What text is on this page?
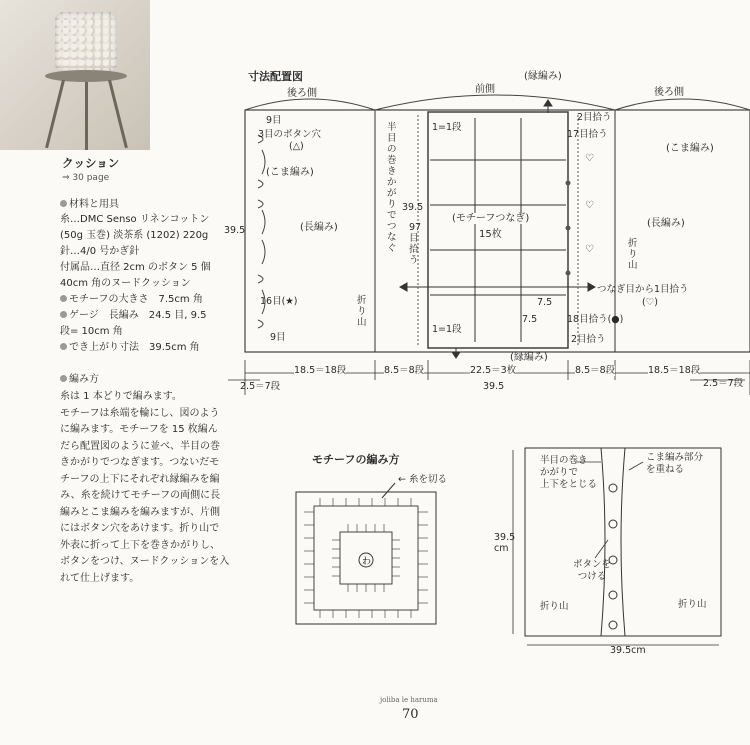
クッション
⇒ 30 page
材料と用具
糸…DMC Senso リネンコットン
(50g 玉巻) 淡茶系 (1202) 220g
針…4/0 号かぎ針
付属品…直径 2cm のボタン 5 個
40cm 角のヌードクッション
モチーフの大きさ　7.5cm 角
ゲージ　長編み　24.5 目, 9.5
段= 10cm 角
でき上がり寸法　39.5cm 角
編み方
糸は 1 本どりで編みます。
モチーフは糸端を輪にし、図のよう
に編みます。モチーフを 15 枚編ん
だら配置図のように並べ、半目の巻
きかがりでつなぎます。つないだモ
チーフの上下にそれぞれ縁編みを編
み、糸を続けてモチーフの両側に長
編みとこま編みを編みますが、片側
にはボタン穴をあけます。折り山で
外表に折って上下を巻きかがりし、
ボタンをつけ、ヌードクッションを入
れて仕上げます。
寸法配置図
後ろ側	前側	後ろ側
(縁編み)
(縁編み)
9目
3目のボタン穴
(△)
(こま編み)
(長編み)
16目(★)
9目
折り山
半目の巻きかがりでつなぐ
39.5
97目拾う
1=1段
1=1段
(モチーフつなぎ)
15枚
2目拾う
17目拾う
♡
♡
♡
つなぎ目から1目拾う
(♡)
7.5
7.5	18目拾う(●)
2目拾う
(こま編み)
(長編み)
折り山
39.5
18.5＝18段	8.5＝8段	22.5＝3枚	8.5＝8段	18.5＝18段
2.5＝7段	39.5	2.5＝7段
モチーフの編み方
わ
← 糸を切る
半目の巻き
かがりで
上下をとじる
こま編み部分
を重ねる
ボタンを
つける
39.5
cm
折り山	折り山
39.5cm
joliba le haruma
70
